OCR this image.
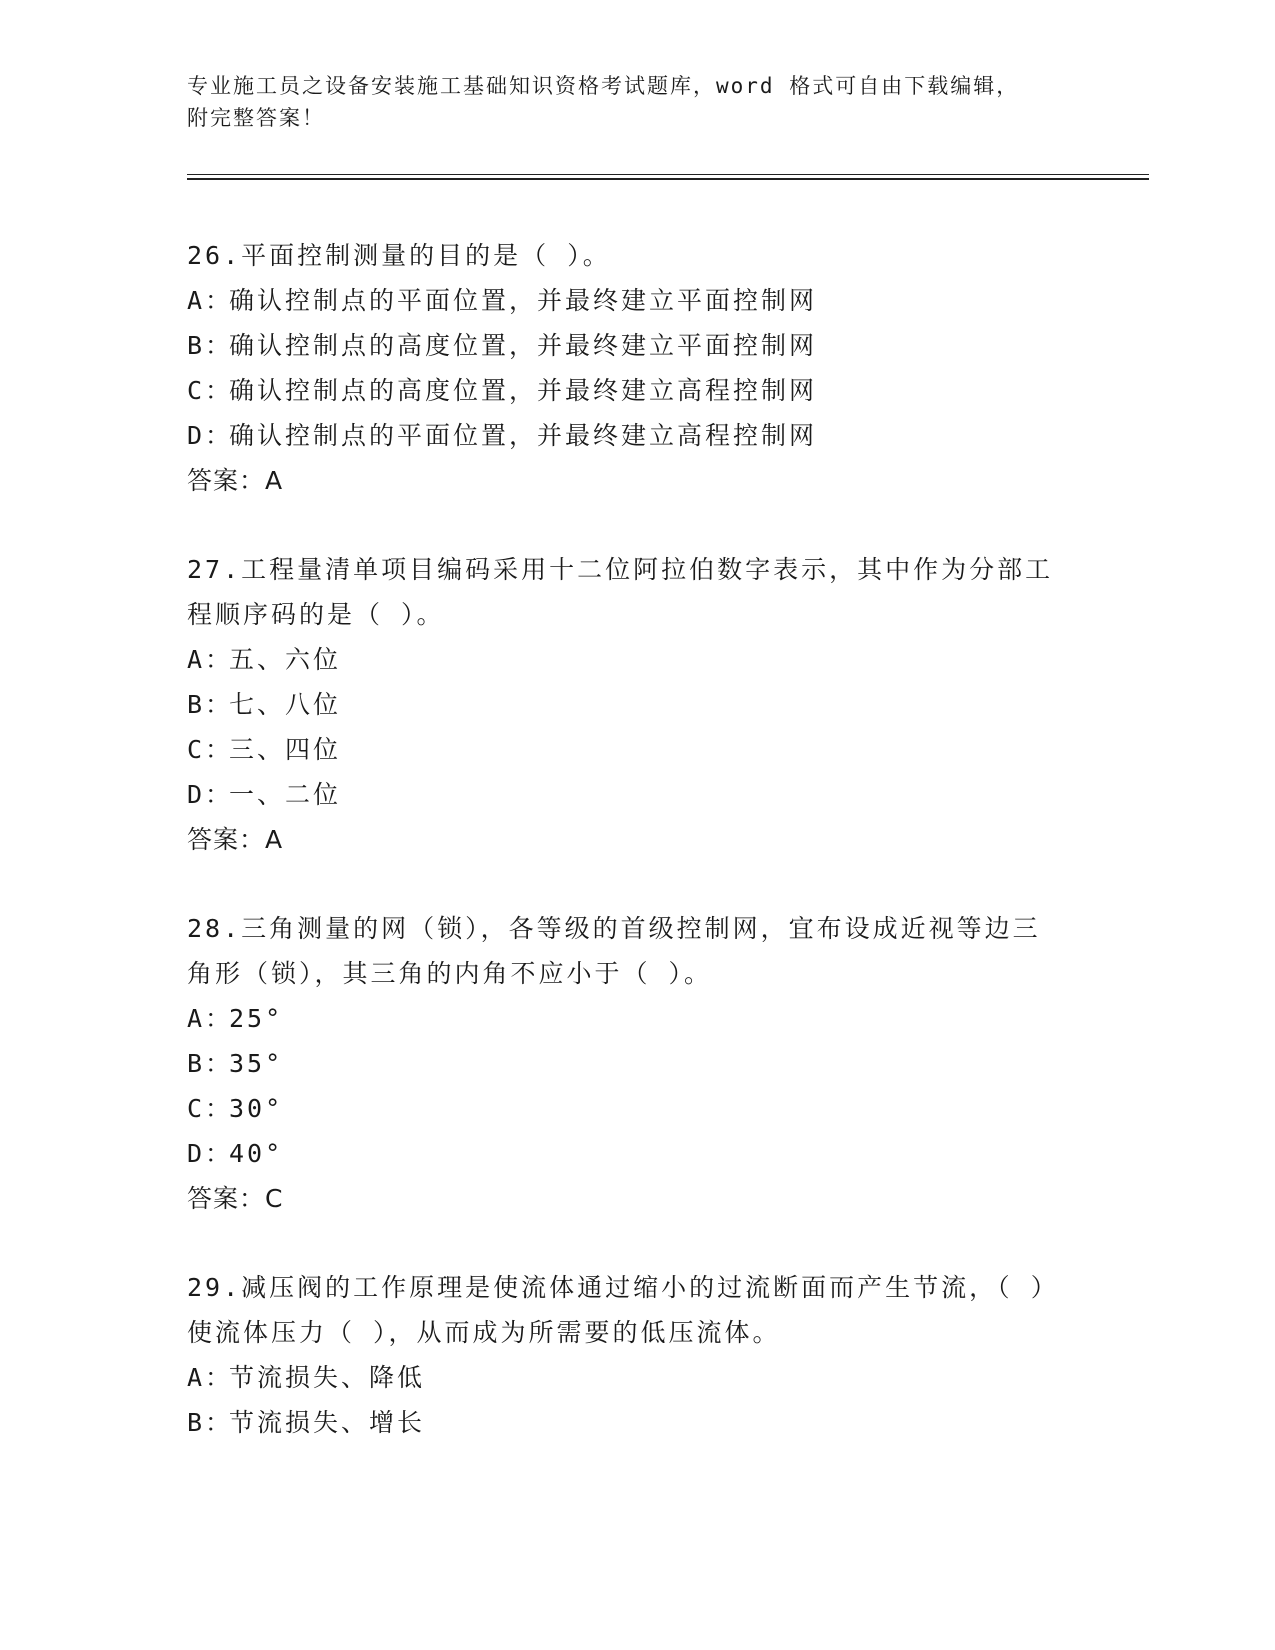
专业施工员之设备安装施工基础知识资格考试题库，word 格式可自由下载编辑，

附完整答案！

26.平面控制测量的目的是（ ）。

A：确认控制点的平面位置，并最终建立平面控制网

B：确认控制点的高度位置，并最终建立平面控制网

C：确认控制点的高度位置，并最终建立高程控制网

D：确认控制点的平面位置，并最终建立高程控制网

答案：A

27.工程量清单项目编码采用十二位阿拉伯数字表示，其中作为分部工程顺序码的是（ ）。

A：五、六位

B：七、八位

C：三、四位

D：一、二位

答案：A

28.三角测量的网（锁），各等级的首级控制网，宜布设成近视等边三角形（锁），其三角的内角不应小于（ ）。

A：25°

B：35°

C：30°

D：40°

答案：C

29.减压阀的工作原理是使流体通过缩小的过流断面而产生节流，（ ）使流体压力（ ），从而成为所需要的低压流体。

A：节流损失、降低

B：节流损失、增长
